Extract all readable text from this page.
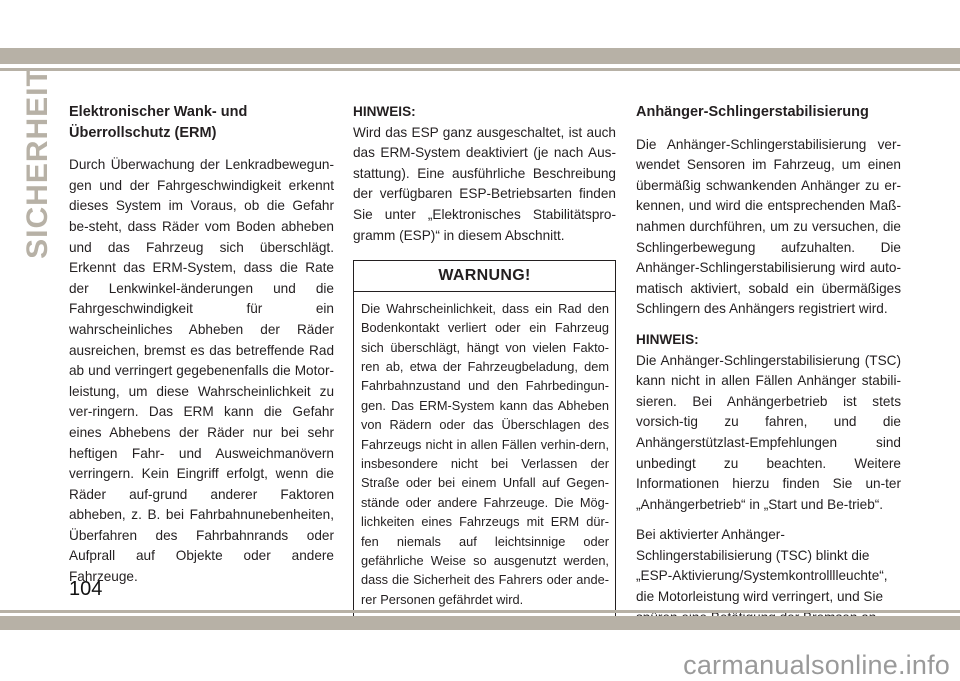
SICHERHEIT Elektronischer Wank- und Überrollschutz (ERM)

Durch Überwachung der Lenkradbewegun-gen und der Fahrgeschwindigkeit erkennt dieses System im Voraus, ob die Gefahr be-steht, dass Räder vom Boden abheben und das Fahrzeug sich überschlägt. Erkennt das ERM-System, dass die Rate der Lenkwinkel-änderungen und die Fahrgeschwindigkeit für ein wahrscheinliches Abheben der Räder ausreichen, bremst es das betreffende Rad ab und verringert gegebenenfalls die Motor-leistung, um diese Wahrscheinlichkeit zu ver-ringern. Das ERM kann die Gefahr eines Abhebens der Räder nur bei sehr heftigen Fahr- und Ausweichmanövern verringern. Kein Eingriff erfolgt, wenn die Räder auf-grund anderer Faktoren abheben, z. B. bei Fahrbahnunebenheiten, Überfahren des Fahrbahnrands oder Aufprall auf Objekte oder andere Fahrzeuge.

HINWEIS:

Wird das ESP ganz ausgeschaltet, ist auch das ERM-System deaktiviert (je nach Aus-stattung). Eine ausführliche Beschreibung der verfügbaren ESP-Betriebsarten finden Sie unter „Elektronisches Stabilitätspro-gramm (ESP)“ in diesem Abschnitt.

WARNUNG!
Die Wahrscheinlichkeit, dass ein Rad den Bodenkontakt verliert oder ein Fahrzeug sich überschlägt, hängt von vielen Fakto-ren ab, etwa der Fahrzeugbeladung, dem Fahrbahnzustand und den Fahrbedingun-gen. Das ERM-System kann das Abheben von Rädern oder das Überschlagen des Fahrzeugs nicht in allen Fällen verhin-dern, insbesondere nicht bei Verlassen der Straße oder bei einem Unfall auf Gegen-stände oder andere Fahrzeuge. Die Mög-lichkeiten eines Fahrzeugs mit ERM dür-fen niemals auf leichtsinnige oder gefährliche Weise so ausgenutzt werden, dass die Sicherheit des Fahrers oder ande-rer Personen gefährdet wird.
Anhänger-Schlingerstabilisierung

Die Anhänger-Schlingerstabilisierung ver-wendet Sensoren im Fahrzeug, um einen übermäßig schwankenden Anhänger zu er-kennen, und wird die entsprechenden Maß-nahmen durchführen, um zu versuchen, die Schlingerbewegung aufzuhalten. Die Anhänger-Schlingerstabilisierung wird auto-matisch aktiviert, sobald ein übermäßiges Schlingern des Anhängers registriert wird.

HINWEIS:

Die Anhänger-Schlingerstabilisierung (TSC) kann nicht in allen Fällen Anhänger stabili-sieren. Bei Anhängerbetrieb ist stets vorsich-tig zu fahren, und die Anhängerstützlast-Empfehlungen sind unbedingt zu beachten. Weitere Informationen hierzu finden Sie un-ter „Anhängerbetrieb“ in „Start und Be-trieb“.

Bei aktivierter Anhänger-Schlingerstabilisierung (TSC) blinkt die „ESP-Aktivierung/Systemkontrolllleuchte“, die Motorleistung wird verringert, und Sie

104
carmanualsonline.info
